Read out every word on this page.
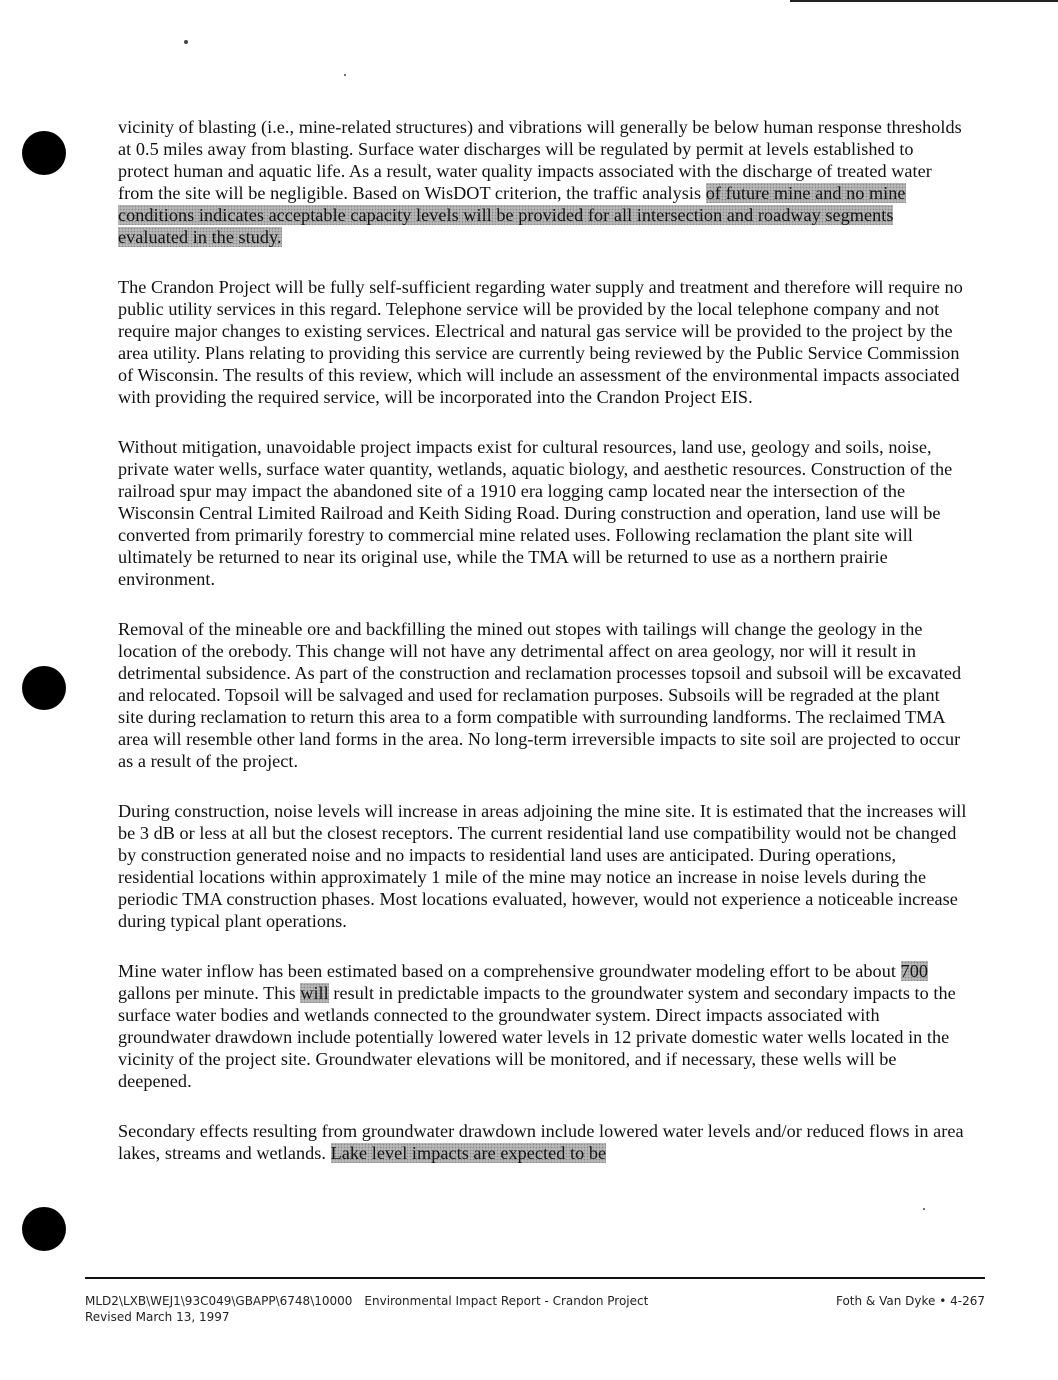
vicinity of blasting (i.e., mine-related structures) and vibrations will generally be below human response thresholds at 0.5 miles away from blasting. Surface water discharges will be regulated by permit at levels established to protect human and aquatic life. As a result, water quality impacts associated with the discharge of treated water from the site will be negligible. Based on WisDOT criterion, the traffic analysis of future mine and no mine conditions indicates acceptable capacity levels will be provided for all intersection and roadway segments evaluated in the study.

The Crandon Project will be fully self-sufficient regarding water supply and treatment and therefore will require no public utility services in this regard. Telephone service will be provided by the local telephone company and not require major changes to existing services. Electrical and natural gas service will be provided to the project by the area utility. Plans relating to providing this service are currently being reviewed by the Public Service Commission of Wisconsin. The results of this review, which will include an assessment of the environmental impacts associated with providing the required service, will be incorporated into the Crandon Project EIS.

Without mitigation, unavoidable project impacts exist for cultural resources, land use, geology and soils, noise, private water wells, surface water quantity, wetlands, aquatic biology, and aesthetic resources. Construction of the railroad spur may impact the abandoned site of a 1910 era logging camp located near the intersection of the Wisconsin Central Limited Railroad and Keith Siding Road. During construction and operation, land use will be converted from primarily forestry to commercial mine related uses. Following reclamation the plant site will ultimately be returned to near its original use, while the TMA will be returned to use as a northern prairie environment.

Removal of the mineable ore and backfilling the mined out stopes with tailings will change the geology in the location of the orebody. This change will not have any detrimental affect on area geology, nor will it result in detrimental subsidence. As part of the construction and reclamation processes topsoil and subsoil will be excavated and relocated. Topsoil will be salvaged and used for reclamation purposes. Subsoils will be regraded at the plant site during reclamation to return this area to a form compatible with surrounding landforms. The reclaimed TMA area will resemble other land forms in the area. No long-term irreversible impacts to site soil are projected to occur as a result of the project.

During construction, noise levels will increase in areas adjoining the mine site. It is estimated that the increases will be 3 dB or less at all but the closest receptors. The current residential land use compatibility would not be changed by construction generated noise and no impacts to residential land uses are anticipated. During operations, residential locations within approximately 1 mile of the mine may notice an increase in noise levels during the periodic TMA construction phases. Most locations evaluated, however, would not experience a noticeable increase during typical plant operations.

Mine water inflow has been estimated based on a comprehensive groundwater modeling effort to be about 700 gallons per minute. This will result in predictable impacts to the groundwater system and secondary impacts to the surface water bodies and wetlands connected to the groundwater system. Direct impacts associated with groundwater drawdown include potentially lowered water levels in 12 private domestic water wells located in the vicinity of the project site. Groundwater elevations will be monitored, and if necessary, these wells will be deepened.

Secondary effects resulting from groundwater drawdown include lowered water levels and/or reduced flows in area lakes, streams and wetlands. Lake level impacts are expected to be

MLD2\LXB\WEJ1\93C049\GBAPP\6748\10000 Environmental Impact Report - Crandon Project
Revised March 13, 1997
Foth & Van Dyke • 4-267
